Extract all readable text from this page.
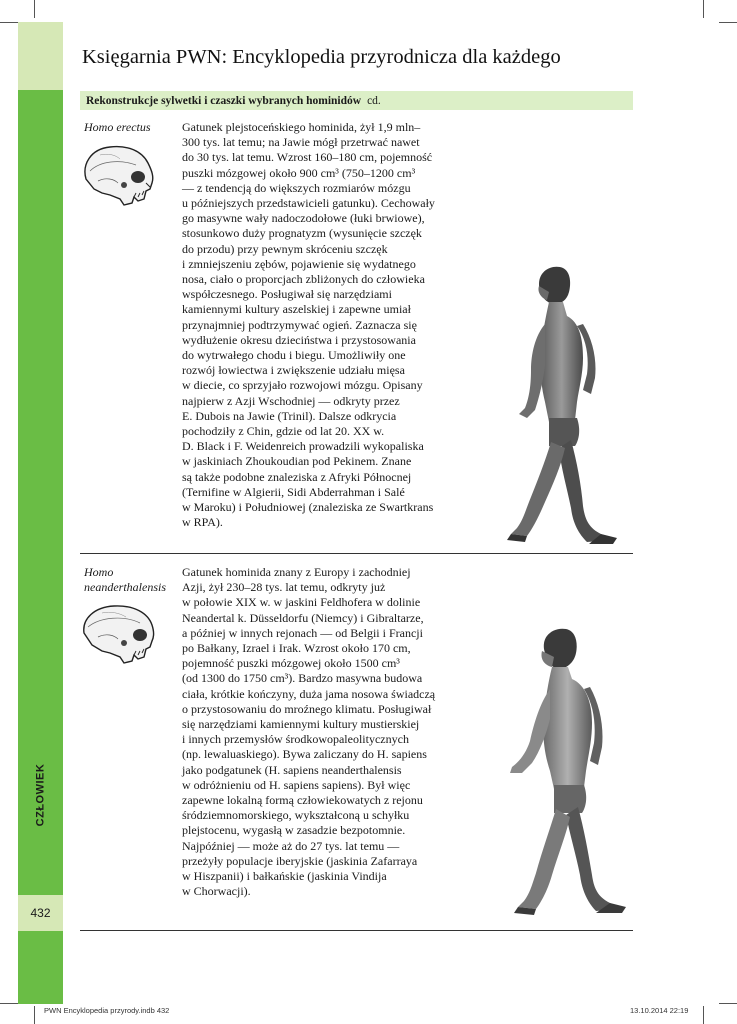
CZŁOWIEK
432
Księgarnia PWN: Encyklopedia przyrodnicza dla każdego
Rekonstrukcje sylwetki i czaszki wybranych hominidów cd.
Homo erectus	Gatunek plejstoceńskiego hominida, żył 1,9 mln–
300 tys. lat temu; na Jawie mógł przetrwać nawet
do 30 tys. lat temu. Wzrost 160–180 cm, pojemność
puszki mózgowej około 900 cm³ (750–1200 cm³
— z tendencją do większych rozmiarów mózgu
u późniejszych przedstawicieli gatunku). Cechowały
go masywne wały nadoczodołowe (łuki brwiowe),
stosunkowo duży prognatyzm (wysunięcie szczęk
do przodu) przy pewnym skróceniu szczęk
i zmniejszeniu zębów, pojawienie się wydatnego
nosa, ciało o proporcjach zbliżonych do człowieka
współczesnego. Posługiwał się narzędziami
kamiennymi kultury aszelskiej i zapewne umiał
przynajmniej podtrzymywać ogień. Zaznacza się
wydłużenie okresu dzieciństwa i przystosowania
do wytrwałego chodu i biegu. Umożliwiły one
rozwój łowiectwa i zwiększenie udziału mięsa
w diecie, co sprzyjało rozwojowi mózgu. Opisany
najpierw z Azji Wschodniej — odkryty przez
E. Dubois na Jawie (Trinil). Dalsze odkrycia
pochodziły z Chin, gdzie od lat 20. XX w.
D. Black i F. Weidenreich prowadzili wykopaliska
w jaskiniach Zhoukoudian pod Pekinem. Znane
są także podobne znaleziska z Afryki Północnej
(Ternifine w Algierii, Sidi Abderrahman i Salé
w Maroku) i Południowej (znaleziska ze Swartkrans
w RPA).
Homo
neanderthalensis
Gatunek hominida znany z Europy i zachodniej
Azji, żył 230–28 tys. lat temu, odkryty już
w połowie XIX w. w jaskini Feldhofera w dolinie
Neandertal k. Düsseldorfu (Niemcy) i Gibraltarze,
a później w innych rejonach — od Belgii i Francji
po Bałkany, Izrael i Irak. Wzrost około 170 cm,
pojemność puszki mózgowej około 1500 cm³
(od 1300 do 1750 cm³). Bardzo masywna budowa
ciała, krótkie kończyny, duża jama nosowa świadczą
o przystosowaniu do mroźnego klimatu. Posługiwał
się narzędziami kamiennymi kultury mustierskiej
i innych przemysłów środkowopaleolitycznych
(np. lewaluaskiego). Bywa zaliczany do H. sapiens
jako podgatunek (H. sapiens neanderthalensis
w odróżnieniu od H. sapiens sapiens). Był więc
zapewne lokalną formą człowiekowatych z rejonu
śródziemnomorskiego, wykształconą u schyłku
plejstocenu, wygasłą w zasadzie bezpotomnie.
Najpóźniej — może aż do 27 tys. lat temu —
przeżyły populacje iberyjskie (jaskinia Zafarraya
w Hiszpanii) i bałkańskie (jaskinia Vindija
w Chorwacji).
PWN Encyklopedia przyrody.indb 432	13.10.2014 22:19
